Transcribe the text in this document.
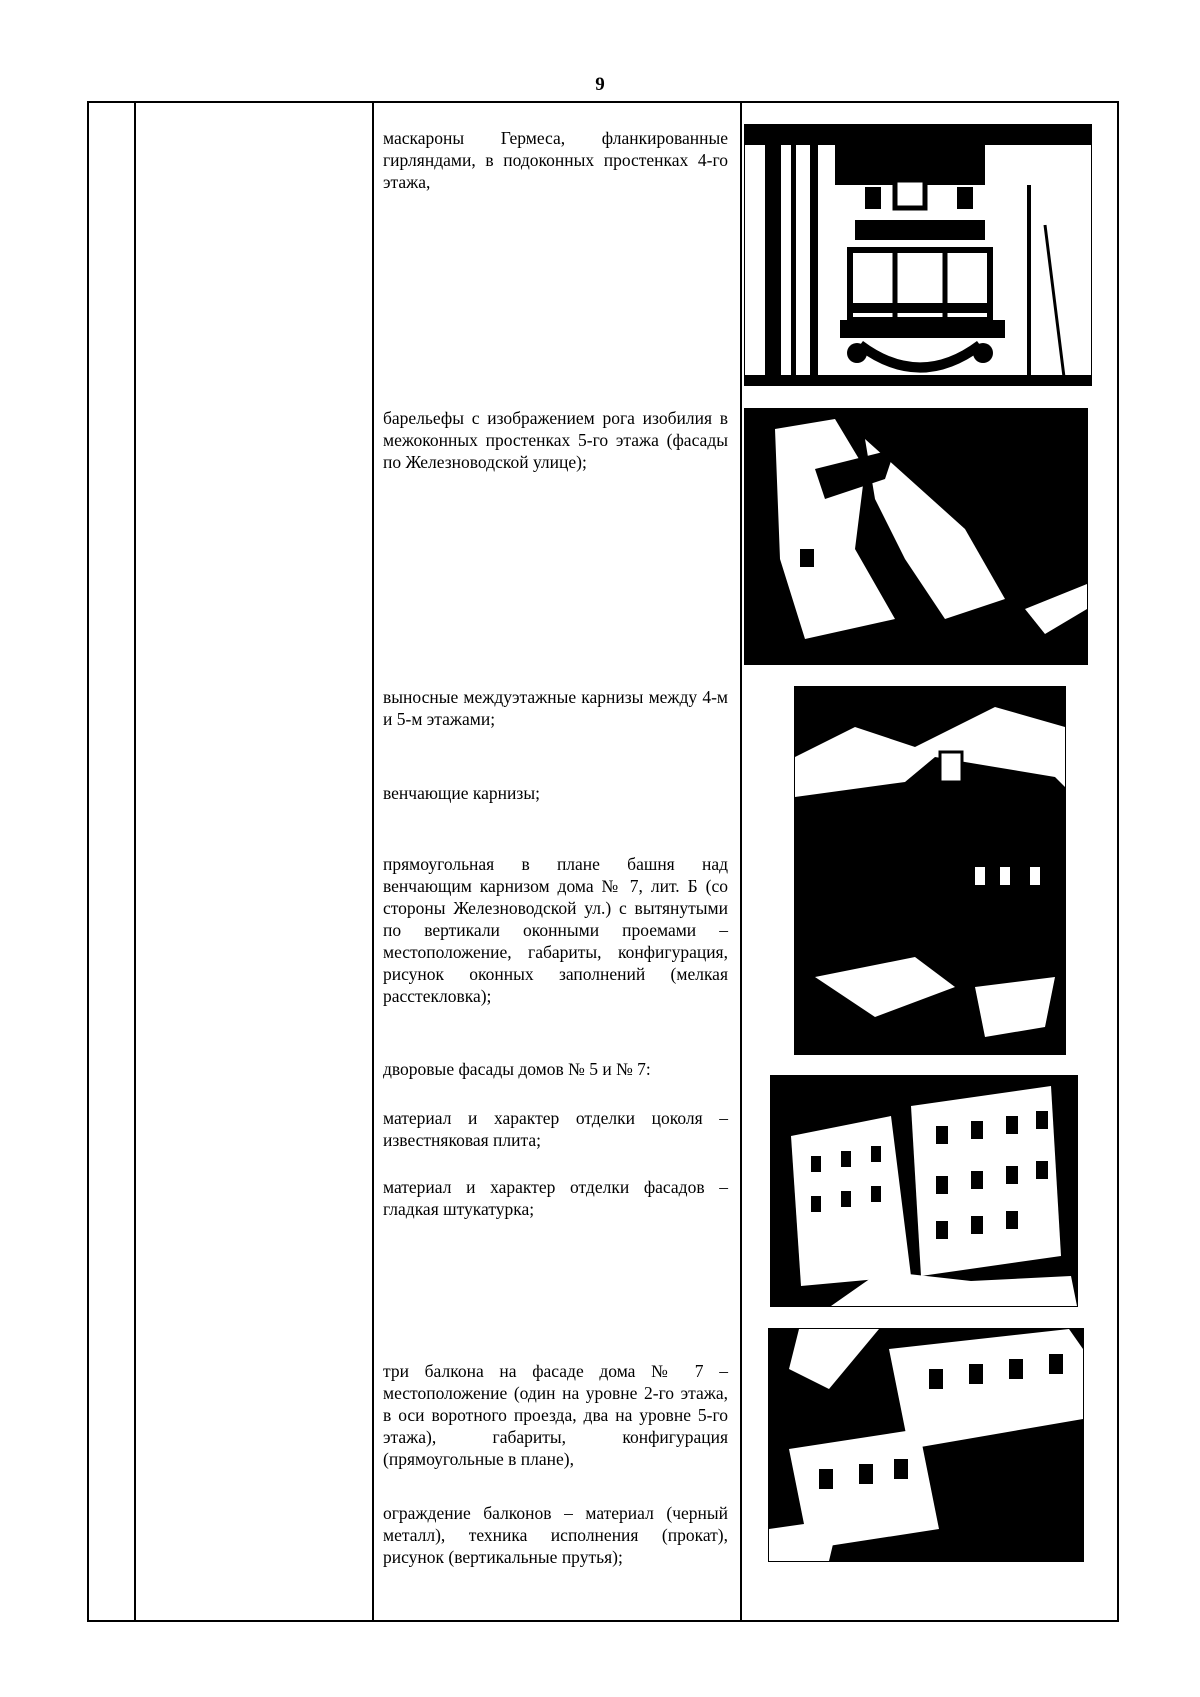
9
маскароны Гермеса, фланкированные гирляндами, в подоконных простенках 4-го этажа,
барельефы с изображением рога изобилия в межоконных простенках 5-го этажа (фасады по Железноводской улице);
выносные междуэтажные карнизы между 4-м и 5-м этажами;
венчающие карнизы;
прямоугольная в плане башня над венчающим карнизом дома № 7, лит. Б (со стороны Железноводской ул.) с вытянутыми по вертикали оконными проемами – местоположение, габариты, конфигурация, рисунок оконных заполнений (мелкая расстекловка);
дворовые фасады домов № 5 и № 7:
материал и характер отделки цоколя – известняковая плита;
материал и характер отделки фасадов – гладкая штукатурка;
три балкона на фасаде дома № 7 – местоположение (один на уровне 2-го этажа, в оси воротного проезда, два на уровне 5-го этажа), габариты, конфигурация (прямоугольные в плане),
ограждение балконов – материал (черный металл), техника исполнения (прокат), рисунок (вертикальные прутья);
